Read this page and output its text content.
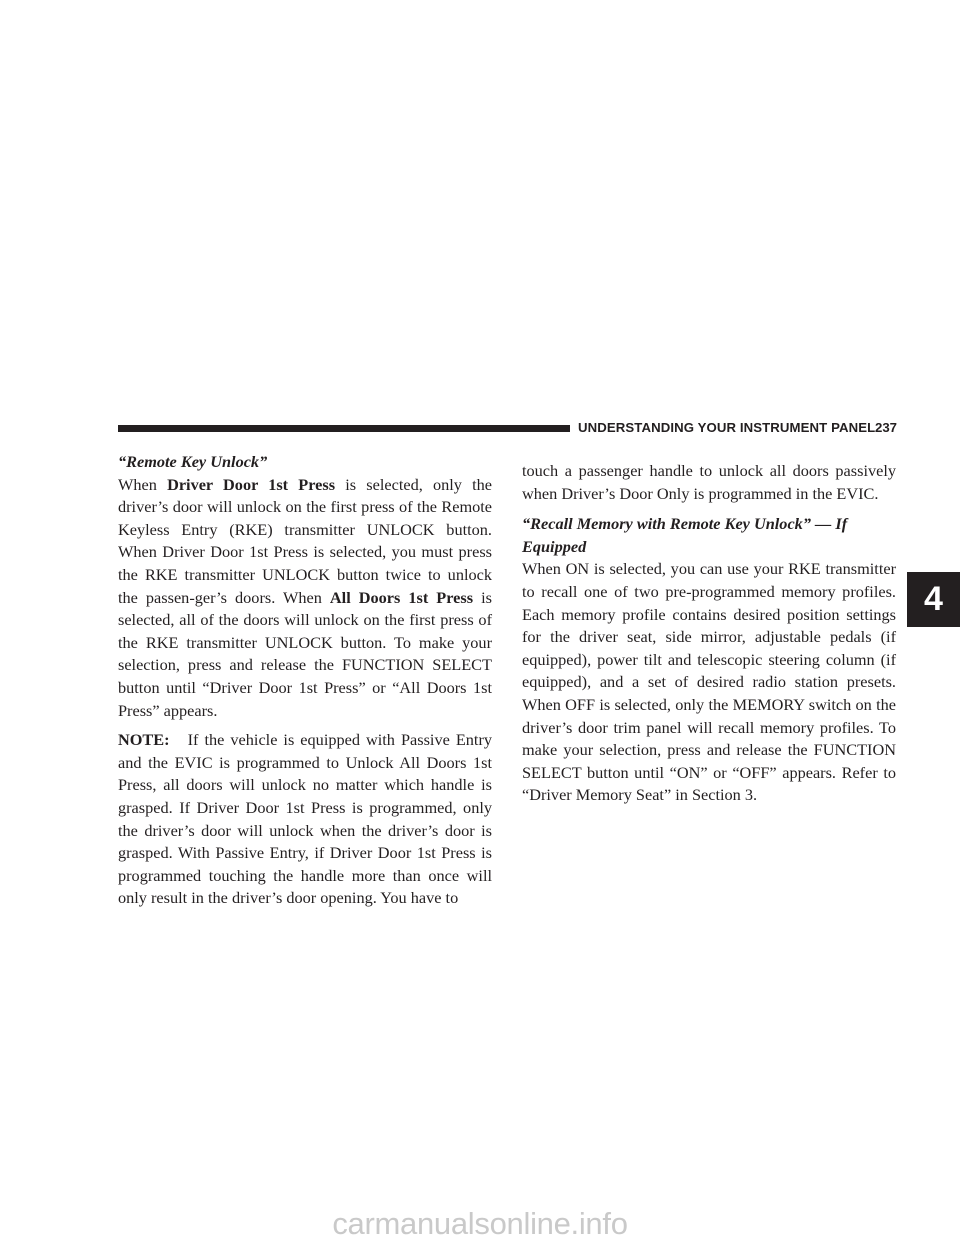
UNDERSTANDING YOUR INSTRUMENT PANEL 237
4

“Remote Key Unlock”

When Driver Door 1st Press is selected, only the driver’s door will unlock on the first press of the Remote Keyless Entry (RKE) transmitter UNLOCK button. When Driver Door 1st Press is selected, you must press the RKE transmitter UNLOCK button twice to unlock the passen-ger’s doors. When All Doors 1st Press is selected, all of the doors will unlock on the first press of the RKE transmitter UNLOCK button. To make your selection, press and release the FUNCTION SELECT button until “Driver Door 1st Press” or “All Doors 1st Press” appears.

NOTE: If the vehicle is equipped with Passive Entry and the EVIC is programmed to Unlock All Doors 1st Press, all doors will unlock no matter which handle is grasped. If Driver Door 1st Press is programmed, only the driver’s door will unlock when the driver’s door is grasped. With Passive Entry, if Driver Door 1st Press is programmed touching the handle more than once will only result in the driver’s door opening. You have to

touch a passenger handle to unlock all doors passively when Driver’s Door Only is programmed in the EVIC.

“Recall Memory with Remote Key Unlock” — If Equipped

When ON is selected, you can use your RKE transmitter to recall one of two pre-programmed memory profiles. Each memory profile contains desired position settings for the driver seat, side mirror, adjustable pedals (if equipped), power tilt and telescopic steering column (if equipped), and a set of desired radio station presets. When OFF is selected, only the MEMORY switch on the driver’s door trim panel will recall memory profiles. To make your selection, press and release the FUNCTION SELECT button until “ON” or “OFF” appears. Refer to “Driver Memory Seat” in Section 3.

carmanualsonline.info
